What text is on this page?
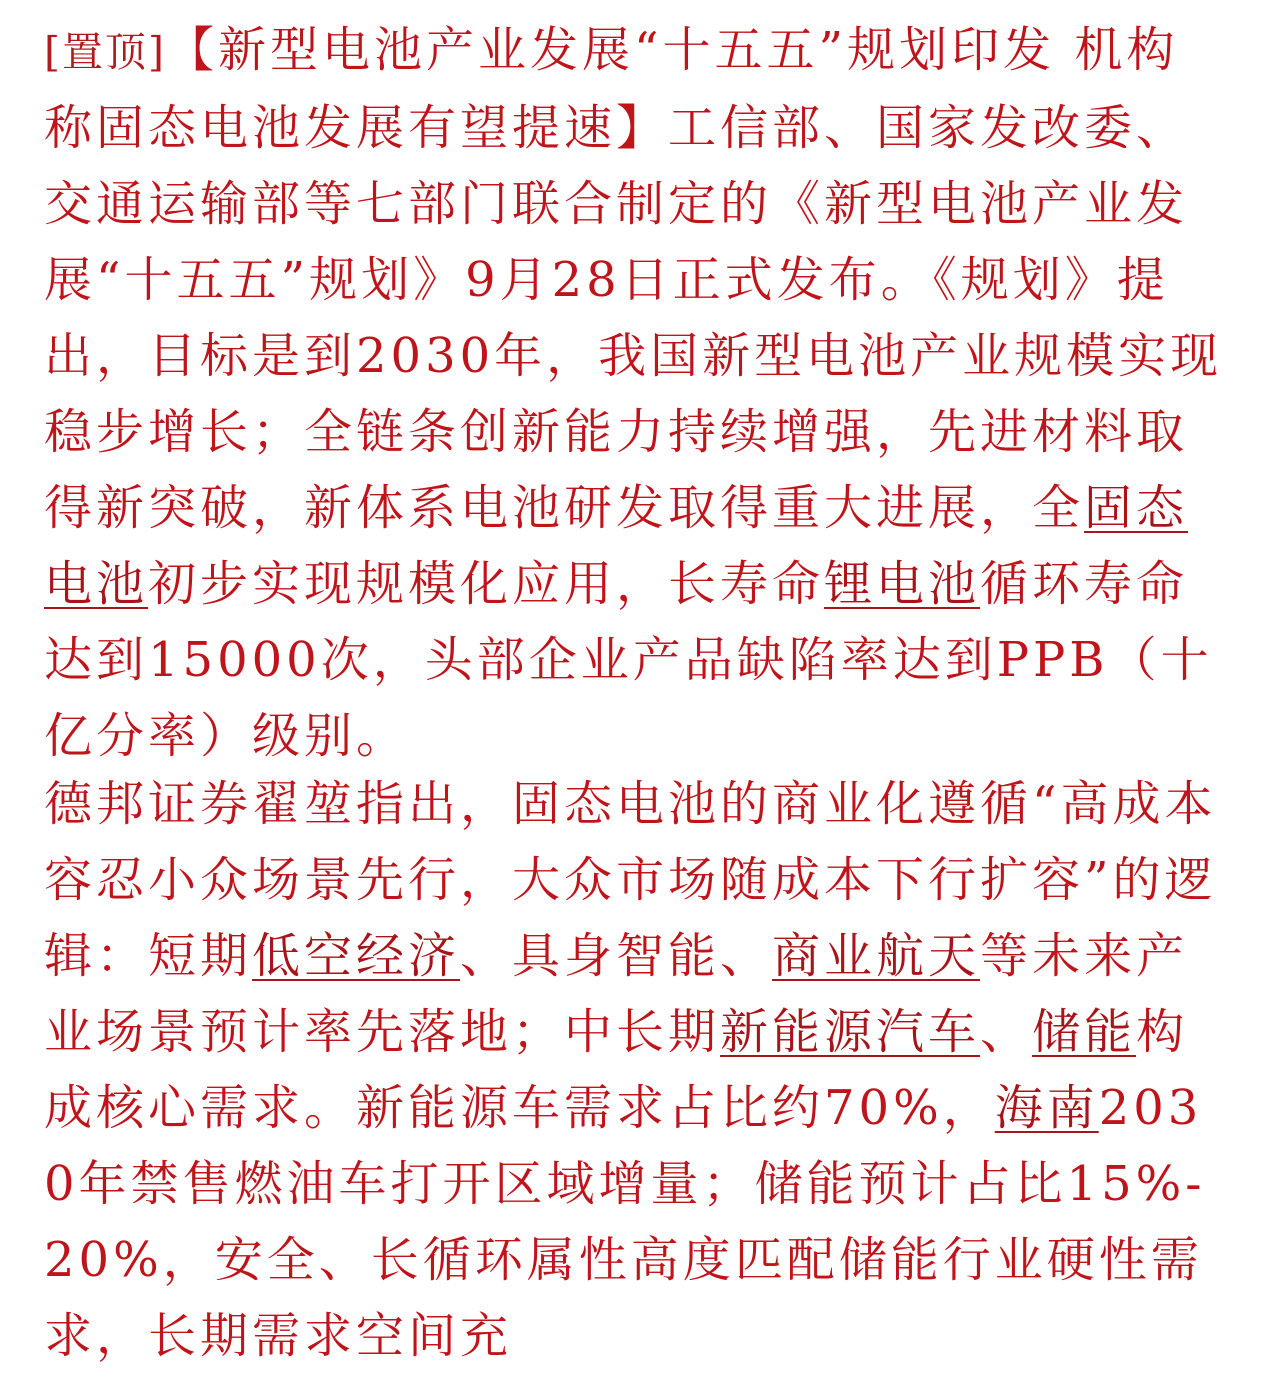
[置顶]【新型电池产业发展“十五五”规划印发 机构称固态电池发展有望提速】工信部、国家发改委、交通运输部等七部门联合制定的《新型电池产业发展“十五五”规划》9月28日正式发布。《规划》提出，目标是到2030年，我国新型电池产业规模实现稳步增长；全链条创新能力持续增强，先进材料取得新突破，新体系电池研发取得重大进展，全固态电池初步实现规模化应用，长寿命锂电池循环寿命达到15000次，头部企业产品缺陷率达到PPB（十亿分率）级别。
德邦证券翟堃指出，固态电池的商业化遵循“高成本容忍小众场景先行，大众市场随成本下行扩容”的逻辑：短期低空经济、具身智能、商业航天等未来产业场景预计率先落地；中长期新能源汽车、储能构成核心需求。新能源车需求占比约70%，海南2030年禁售燃油车打开区域增量；储能预计占比15%-20%，安全、长循环属性高度匹配储能行业硬性需求，长期需求空间充
